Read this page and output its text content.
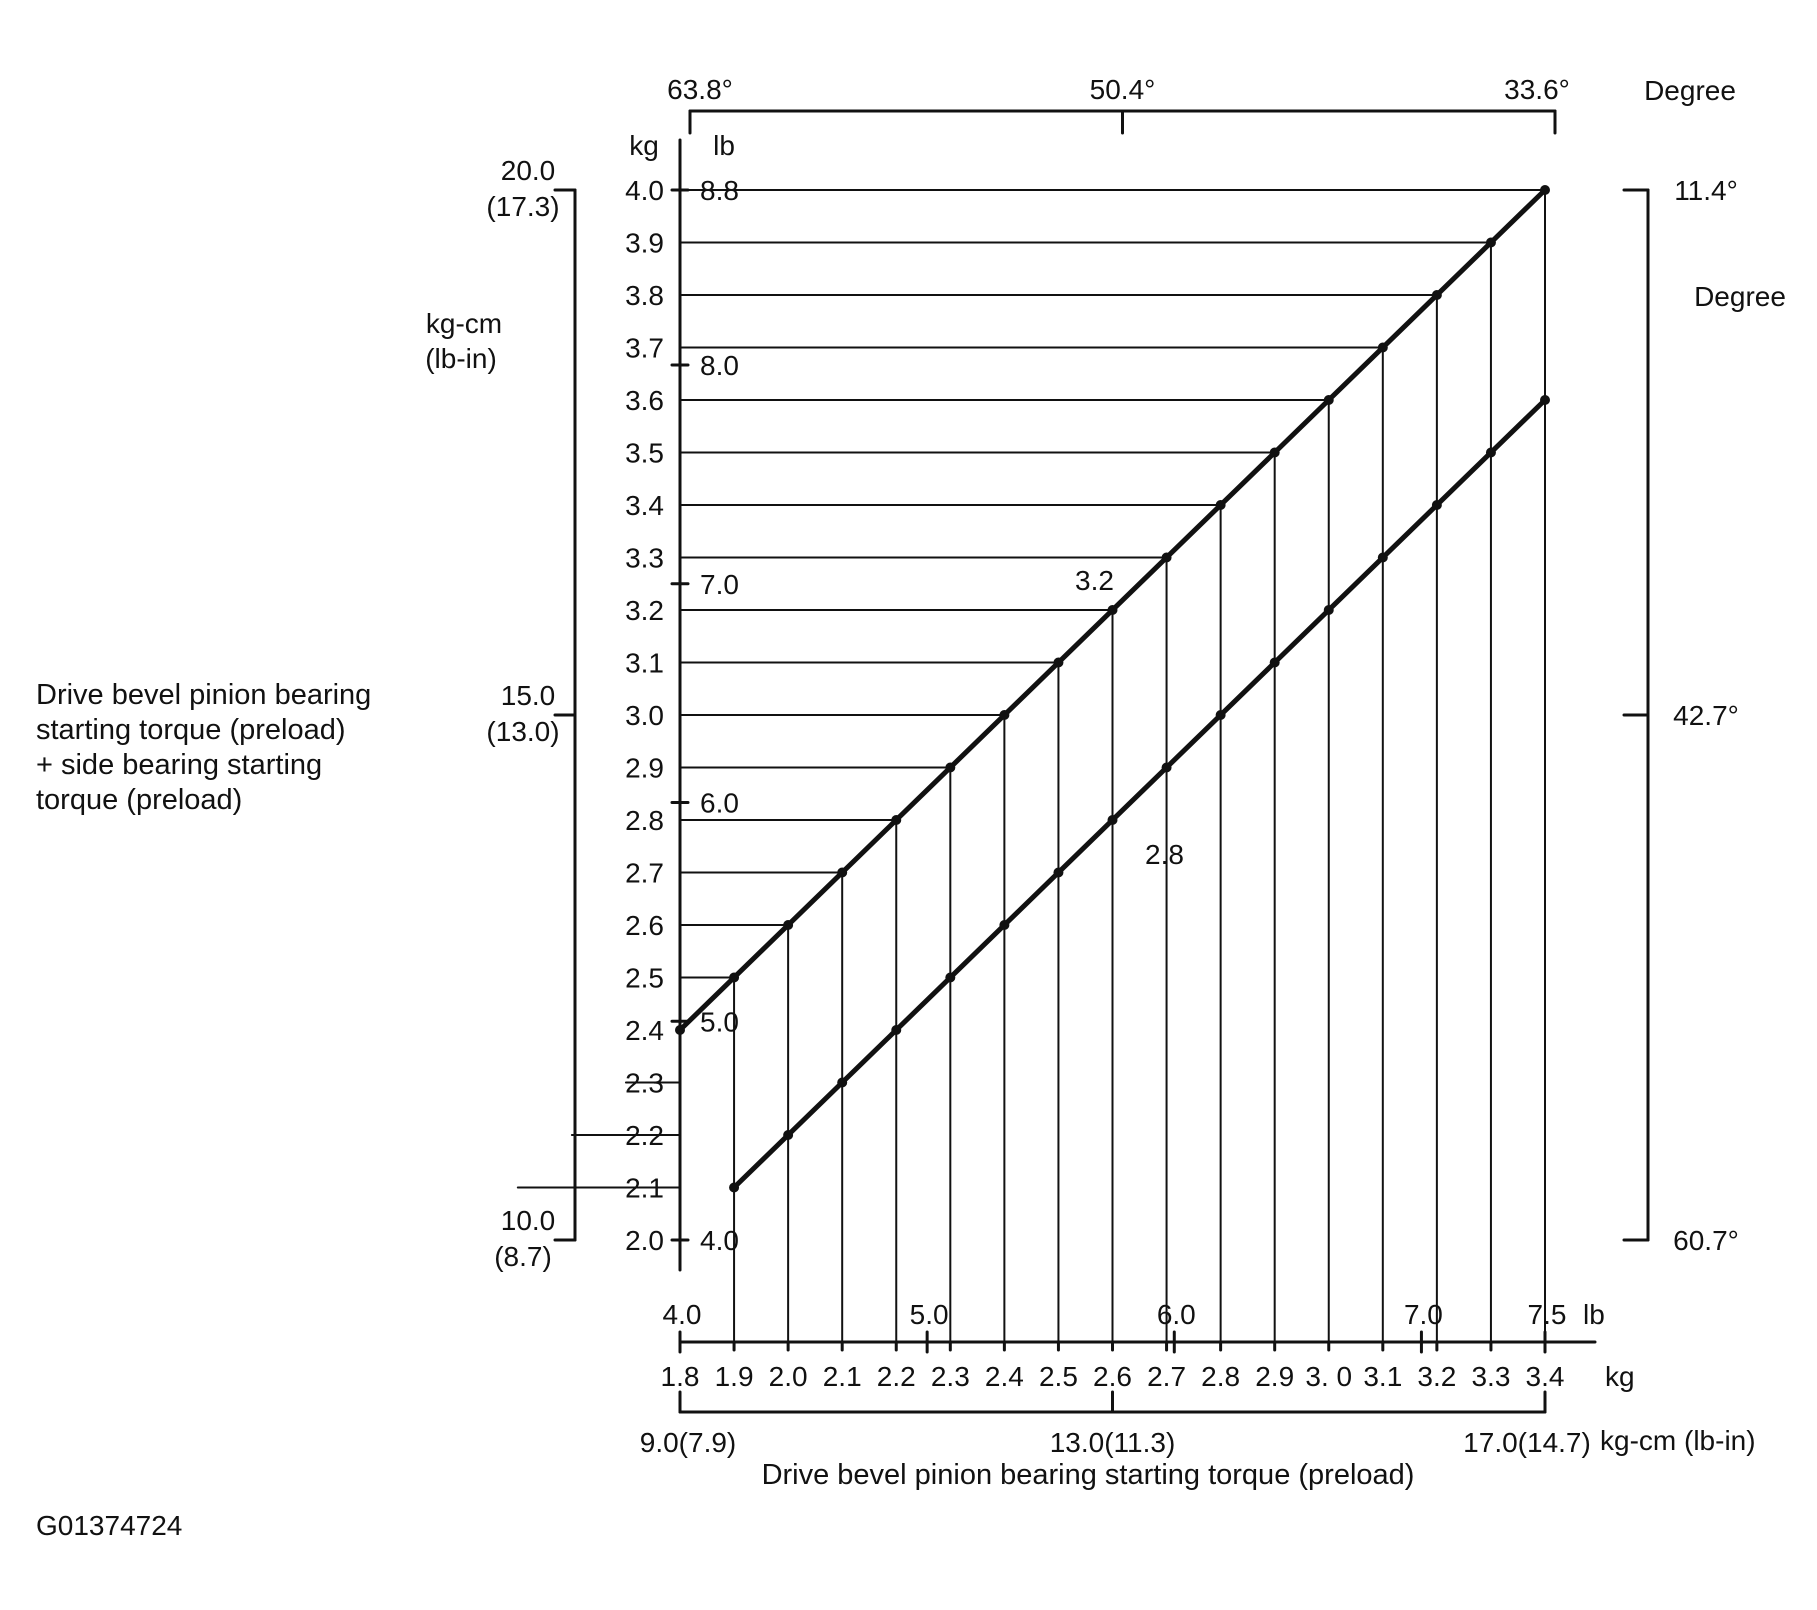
2.0
2.1
2.2
2.3
2.4
2.5
2.6
2.7
2.8
2.9
3.0
3.1
3.2
3.3
3.4
3.5
3.6
3.7
3.8
3.9
4.0
4.0
5.0
6.0
7.0
8.0
8.8
kg lb
1.8 1.9 2.0 2.1 2.2 2.3 2.4 2.5 2.6 2.7 2.8 2.9 3. 0 3.1 3.2 3.3 3.4 kg
4.0	5.0	6.0	7.0	7.5 lb
3.2
2.8
63.8°	50.4°	33.6°	Degree
9.0(7.9)	13.0(11.3)	17.0(14.7) kg-cm (lb-in)
Drive bevel pinion bearing starting torque (preload)
20.0
(17.3)
15.0
(13.0)
10.0
(8.7)
kg-cm
(lb-in)
11.4°
42.7°
60.7°
Degree
Drive bevel pinion bearing
starting torque (preload)
+ side bearing starting
torque (preload)
G01374724
